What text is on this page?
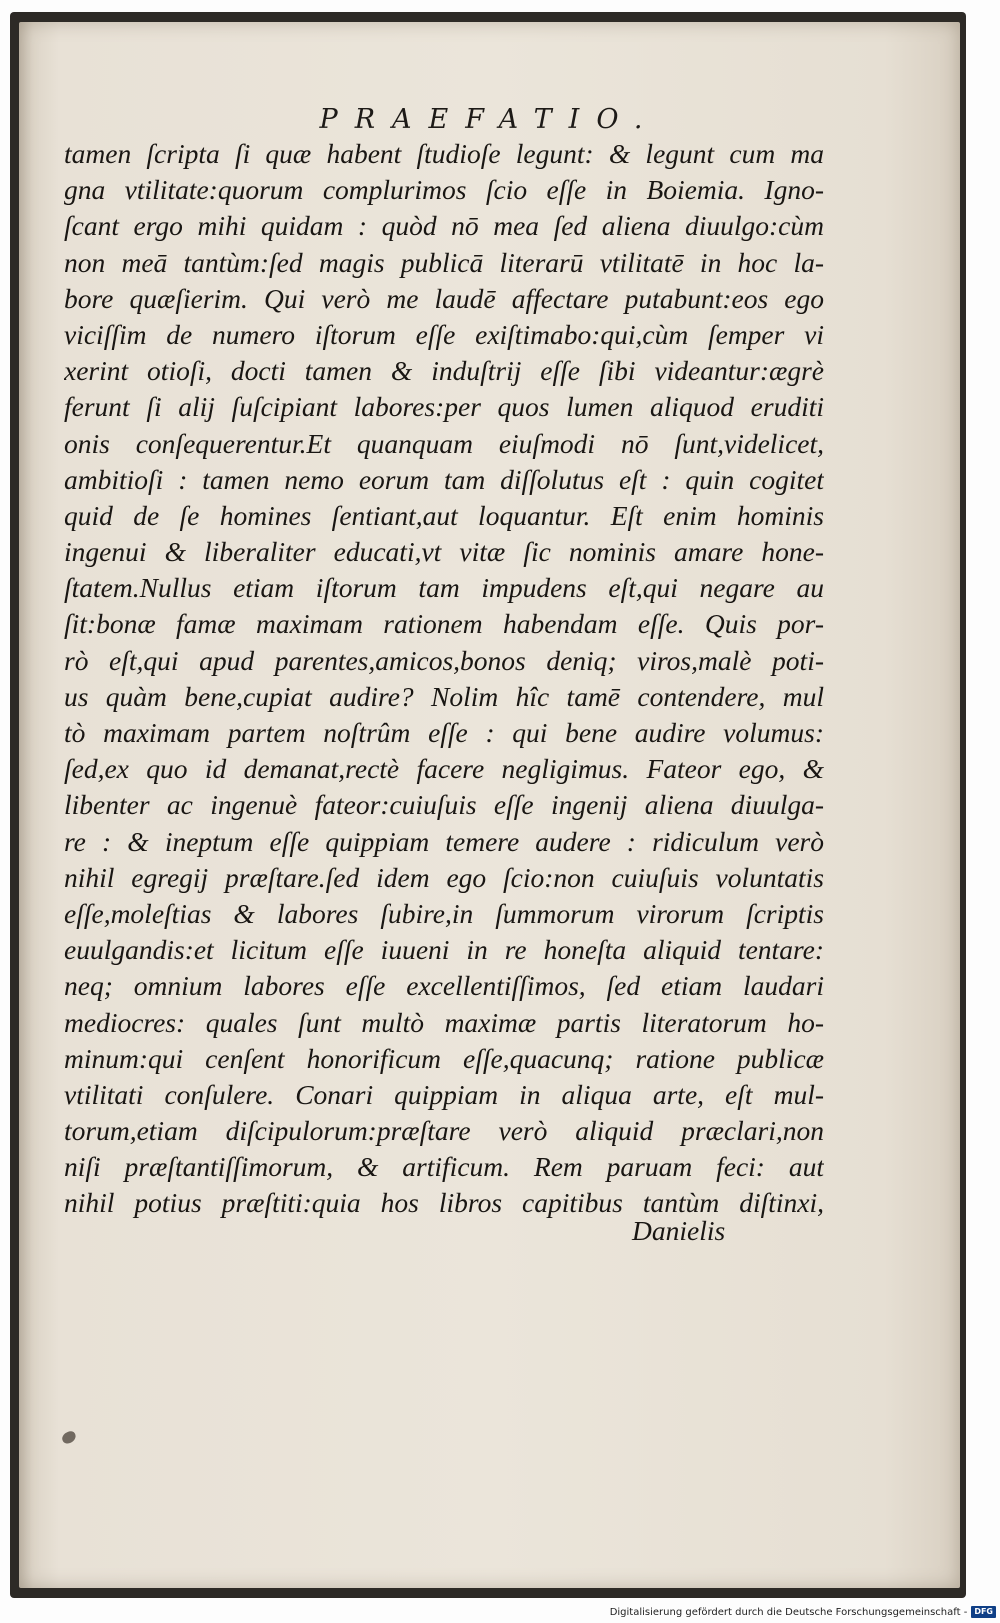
PRAEFATIO.
tamen ſcripta ſi quæ habent ſtudioſe legunt: & legunt cum ma
gna vtilitate:quorum complurimos ſcio eſſe in Boiemia. Igno-
ſcant ergo mihi quidam : quòd nō mea ſed aliena diuulgo:cùm
non meā tantùm:ſed magis publicā literarū vtilitatē in hoc la-
bore quæſierim. Qui verò me laudē affectare putabunt:eos ego
viciſſim de numero iſtorum eſſe exiſtimabo:qui,cùm ſemper vi
xerint otioſi, docti tamen & induſtrij eſſe ſibi videantur:ægrè
ferunt ſi alij ſuſcipiant labores:per quos lumen aliquod eruditi
onis conſequerentur.Et quanquam eiuſmodi nō ſunt,videlicet,
ambitioſi : tamen nemo eorum tam diſſolutus eſt : quin cogitet
quid de ſe homines ſentiant,aut loquantur. Eſt enim hominis
ingenui & liberaliter educati,vt vitæ ſic nominis amare hone-
ſtatem.Nullus etiam iſtorum tam impudens eſt,qui negare au
ſit:bonæ famæ maximam rationem habendam eſſe. Quis por-
rò eſt,qui apud parentes,amicos,bonos deniq; viros,malè poti-
us quàm bene,cupiat audire? Nolim hîc tamē contendere, mul
tò maximam partem noſtrûm eſſe : qui bene audire volumus:
ſed,ex quo id demanat,rectè facere negligimus. Fateor ego, &
libenter ac ingenuè fateor:cuiuſuis eſſe ingenij aliena diuulga-
re : & ineptum eſſe quippiam temere audere : ridiculum verò
nihil egregij præſtare.ſed idem ego ſcio:non cuiuſuis voluntatis
eſſe,moleſtias & labores ſubire,in ſummorum virorum ſcriptis
euulgandis:et licitum eſſe iuueni in re honeſta aliquid tentare:
neq; omnium labores eſſe excellentiſſimos, ſed etiam laudari
mediocres: quales ſunt multò maximæ partis literatorum ho-
minum:qui cenſent honorificum eſſe,quacunq; ratione publicæ
vtilitati conſulere. Conari quippiam in aliqua arte, eſt mul-
torum,etiam diſcipulorum:præſtare verò aliquid præclari,non
niſi præſtantiſſimorum, & artificum. Rem paruam feci: aut
nihil potius præſtiti:quia hos libros capitibus tantùm diſtinxi,
Danielis
Digitalisierung gefördert durch die Deutsche Forschungsgemeinschaft - DFG
